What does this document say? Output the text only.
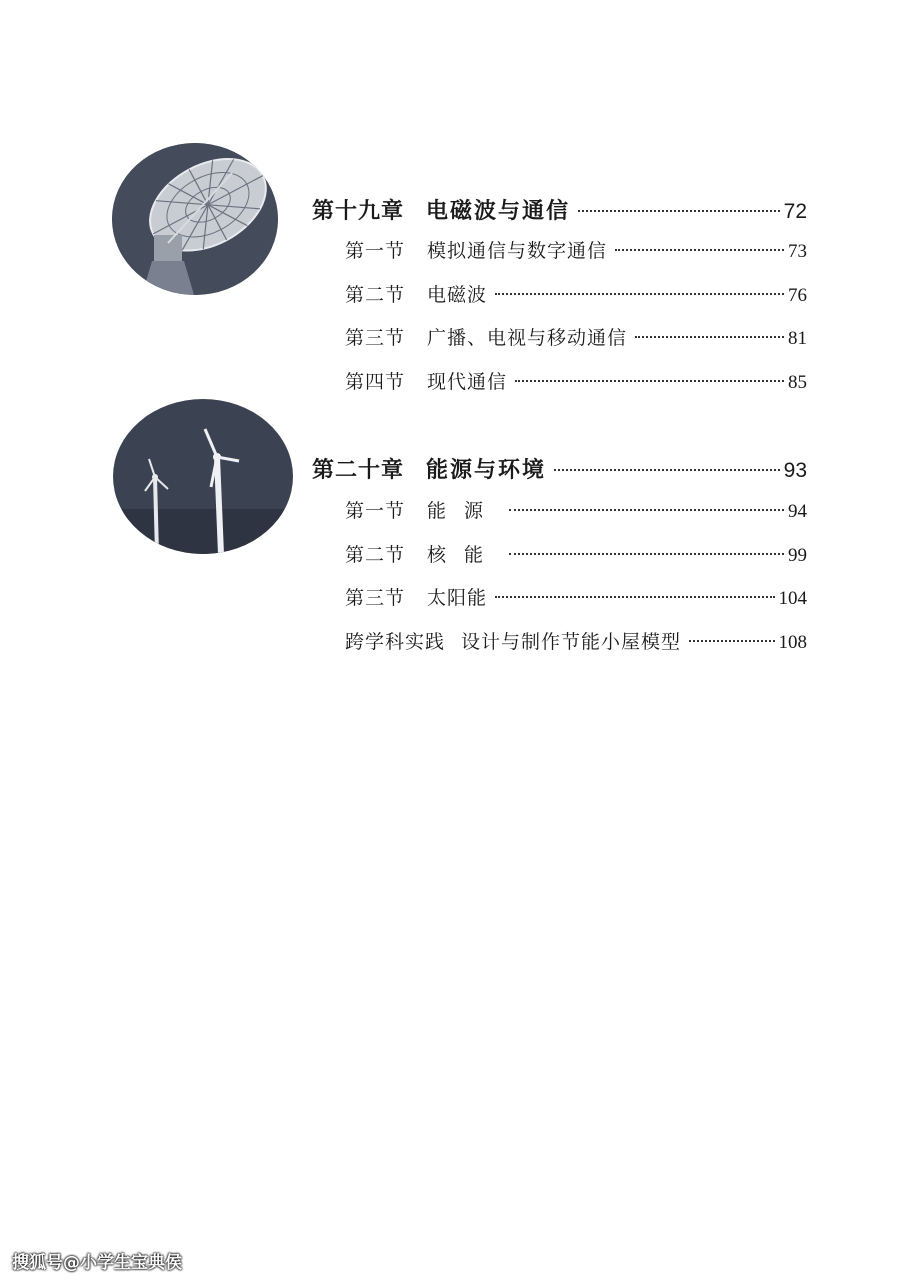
第十九章 电磁波与通信	72
第一节 模拟通信与数字通信	73
第二节 电磁波	76
第三节 广播、电视与移动通信	81
第四节 现代通信	85
第二十章 能源与环境	93
第一节 能源	94
第二节 核能	99
第三节 太阳能	104
跨学科实践 设计与制作节能小屋模型	108
搜狐号@小学生宝典侯
